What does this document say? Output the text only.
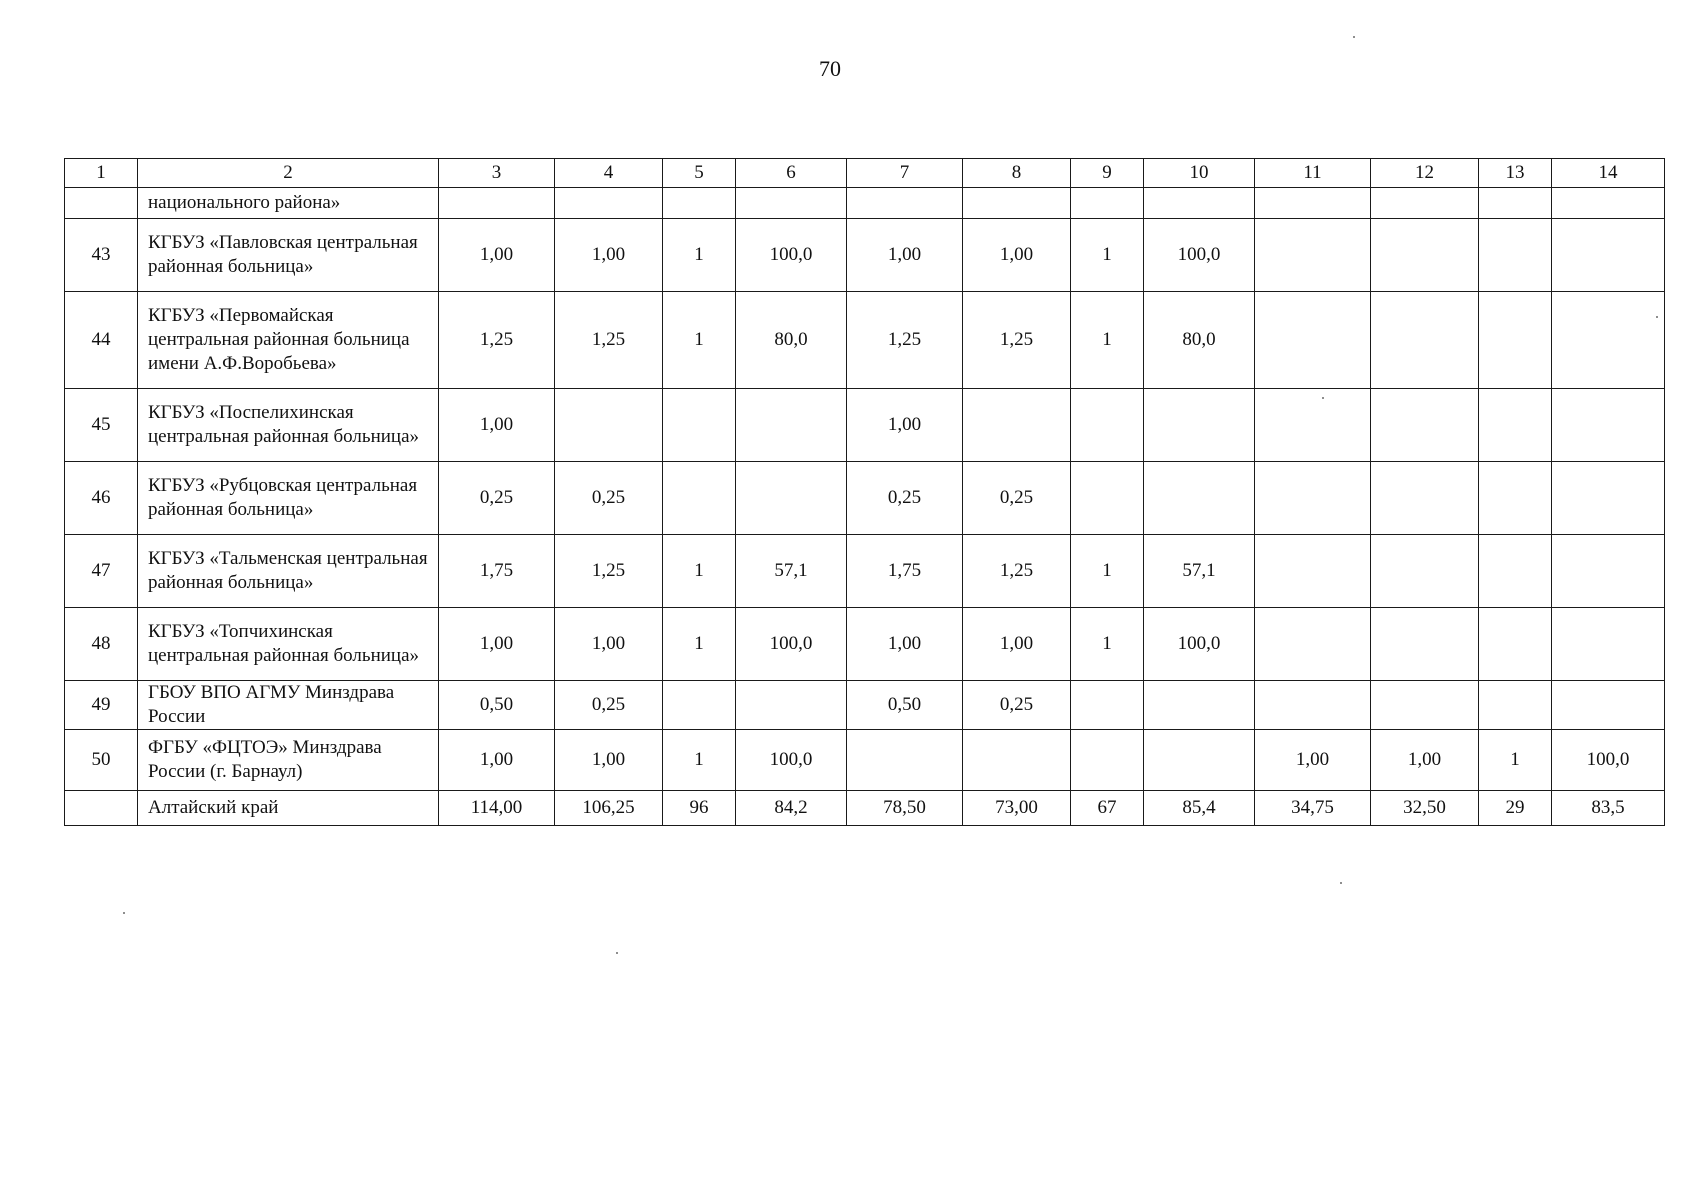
70
1	2	3	4	5	6	7	8	9	10	11	12	13	14
	национального района»												
43	КГБУЗ «Павловская центральная районная больница»	1,00	1,00	1	100,0	1,00	1,00	1	100,0				
44	КГБУЗ «Первомайская центральная районная больница имени А.Ф.Воробьева»	1,25	1,25	1	80,0	1,25	1,25	1	80,0				
45	КГБУЗ «Поспелихинская центральная районная больница»	1,00				1,00							
46	КГБУЗ «Рубцовская центральная районная больница»	0,25	0,25			0,25	0,25						
47	КГБУЗ «Тальменская центральная районная больница»	1,75	1,25	1	57,1	1,75	1,25	1	57,1				
48	КГБУЗ «Топчихинская центральная районная больница»	1,00	1,00	1	100,0	1,00	1,00	1	100,0				
49	ГБОУ ВПО АГМУ Минздрава России	0,50	0,25			0,50	0,25						
50	ФГБУ «ФЦТОЭ» Минздрава России (г. Барнаул)	1,00	1,00	1	100,0					1,00	1,00	1	100,0
	Алтайский край	114,00	106,25	96	84,2	78,50	73,00	67	85,4	34,75	32,50	29	83,5
